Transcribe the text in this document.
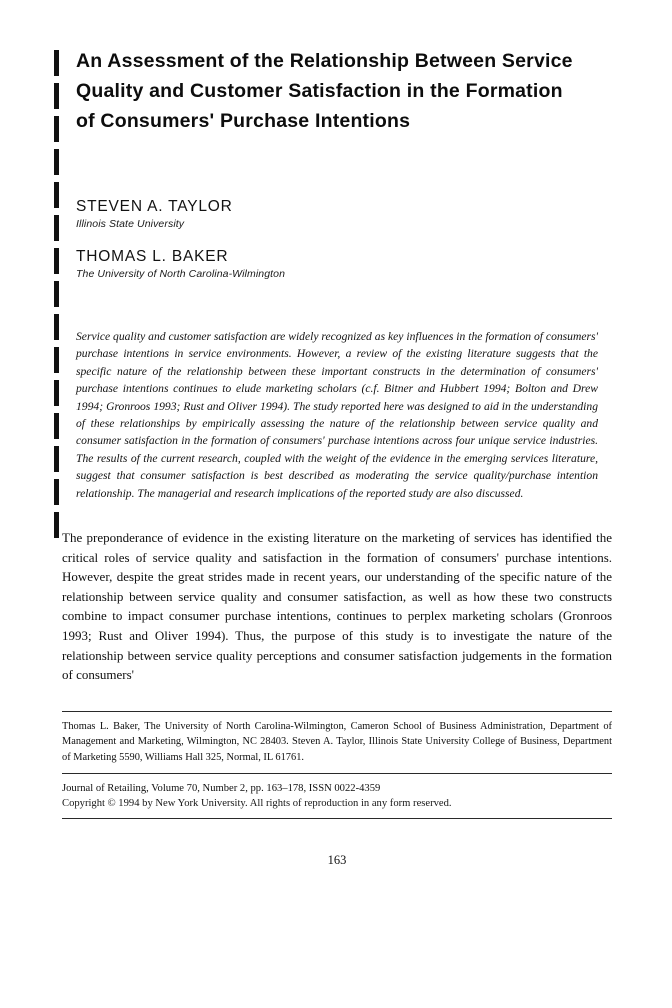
An Assessment of the Relationship Between Service Quality and Customer Satisfaction in the Formation of Consumers' Purchase Intentions
STEVEN A. TAYLOR
Illinois State University
THOMAS L. BAKER
The University of North Carolina-Wilmington
Service quality and customer satisfaction are widely recognized as key influences in the formation of consumers' purchase intentions in service environments. However, a review of the existing literature suggests that the specific nature of the relationship between these important constructs in the determination of consumers' purchase intentions continues to elude marketing scholars (c.f. Bitner and Hubbert 1994; Bolton and Drew 1994; Gronroos 1993; Rust and Oliver 1994). The study reported here was designed to aid in the understanding of these relationships by empirically assessing the nature of the relationship between service quality and consumer satisfaction in the formation of consumers' purchase intentions across four unique service industries. The results of the current research, coupled with the weight of the evidence in the emerging services literature, suggest that consumer satisfaction is best described as moderating the service quality/purchase intention relationship. The managerial and research implications of the reported study are also discussed.

The preponderance of evidence in the existing literature on the marketing of services has identified the critical roles of service quality and satisfaction in the formation of consumers' purchase intentions. However, despite the great strides made in recent years, our understanding of the specific nature of the relationship between service quality and consumer satisfaction, as well as how these two constructs combine to impact consumer purchase intentions, continues to perplex marketing scholars (Gronroos 1993; Rust and Oliver 1994). Thus, the purpose of this study is to investigate the nature of the relationship between service quality perceptions and consumer satisfaction judgements in the formation of consumers'

Thomas L. Baker, The University of North Carolina-Wilmington, Cameron School of Business Administration, Department of Management and Marketing, Wilmington, NC 28403. Steven A. Taylor, Illinois State University College of Business, Department of Marketing 5590, Williams Hall 325, Normal, IL 61761.
Journal of Retailing, Volume 70, Number 2, pp. 163–178, ISSN 0022-4359
Copyright © 1994 by New York University. All rights of reproduction in any form reserved.
163
